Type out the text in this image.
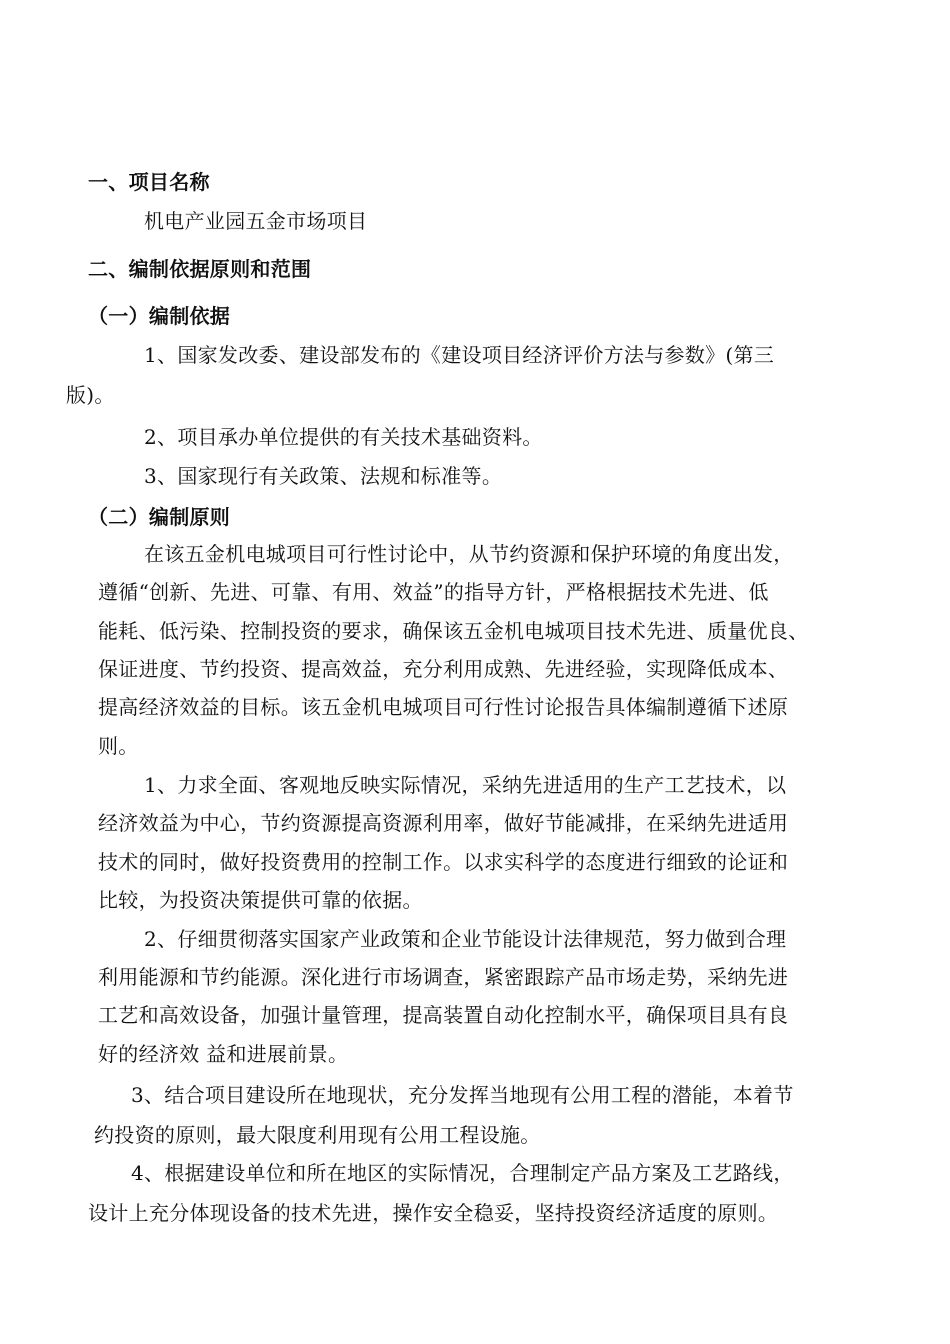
一、项目名称
机电产业园五金市场项目
二、编制依据原则和范围
（一）编制依据
1、国家发改委、建设部发布的《建设项目经济评价方法与参数》(第三
版)。
2、项目承办单位提供的有关技术基础资料。
3、国家现行有关政策、法规和标准等。
（二）编制原则
在该五金机电城项目可行性讨论中，从节约资源和保护环境的角度出发，
遵循“创新、先进、可靠、有用、效益”的指导方针，严格根据技术先进、低
能耗、低污染、控制投资的要求，确保该五金机电城项目技术先进、质量优良、
保证进度、节约投资、提高效益，充分利用成熟、先进经验，实现降低成本、
提高经济效益的目标。该五金机电城项目可行性讨论报告具体编制遵循下述原
则。
1、力求全面、客观地反映实际情况，采纳先进适用的生产工艺技术，以
经济效益为中心，节约资源提高资源利用率，做好节能减排，在采纳先进适用
技术的同时，做好投资费用的控制工作。以求实科学的态度进行细致的论证和
比较，为投资决策提供可靠的依据。
2、仔细贯彻落实国家产业政策和企业节能设计法律规范，努力做到合理
利用能源和节约能源。深化进行市场调查，紧密跟踪产品市场走势，采纳先进
工艺和高效设备，加强计量管理，提高装置自动化控制水平，确保项目具有良
好的经济效 益和进展前景。
3、结合项目建设所在地现状，充分发挥当地现有公用工程的潜能，本着节
约投资的原则，最大限度利用现有公用工程设施。
4、根据建设单位和所在地区的实际情况，合理制定产品方案及工艺路线，
设计上充分体现设备的技术先进，操作安全稳妥，坚持投资经济适度的原则。
